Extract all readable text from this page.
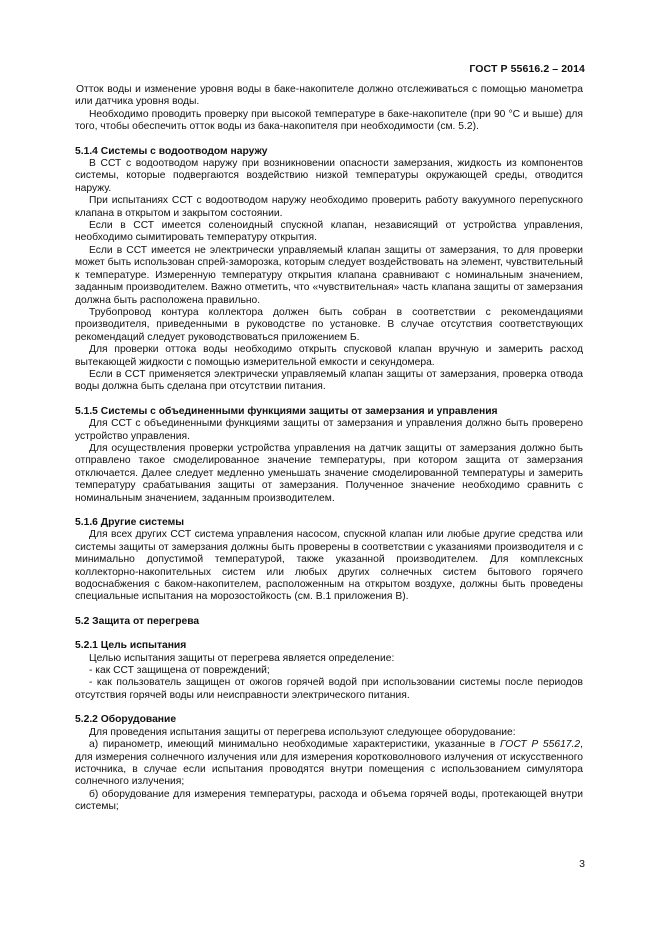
ГОСТ Р 55616.2 – 2014

Отток воды и изменение уровня воды в баке-накопителе должно отслеживаться с помощью манометра или датчика уровня воды.

Необходимо проводить проверку при высокой температуре в баке-накопителе (при 90 °С и выше) для того, чтобы обеспечить отток воды из бака-накопителя при необходимости (см. 5.2).

5.1.4 Системы с водоотводом наружу

В ССТ с водоотводом наружу при возникновении опасности замерзания, жидкость из компонентов системы, которые подвергаются воздействию низкой температуры окружающей среды, отводится наружу.

При испытаниях ССТ с водоотводом наружу необходимо проверить работу вакуумного перепускного клапана в открытом и закрытом состоянии.

Если в ССТ имеется соленоидный спускной клапан, независящий от устройства управления, необходимо сымитировать температуру открытия.

Если в ССТ имеется не электрически управляемый клапан защиты от замерзания, то для проверки может быть использован спрей-заморозка, которым следует воздействовать на элемент, чувствительный к температуре. Измеренную температуру открытия клапана сравнивают с номинальным значением, заданным производителем. Важно отметить, что «чувствительная» часть клапана защиты от замерзания должна быть расположена правильно.

Трубопровод контура коллектора должен быть собран в соответствии с рекомендациями производителя, приведенными в руководстве по установке. В случае отсутствия соответствующих рекомендаций следует руководствоваться приложением Б.

Для проверки оттока воды необходимо открыть спусковой клапан вручную и замерить расход вытекающей жидкости с помощью измерительной емкости и секундомера.

Если в ССТ применяется электрически управляемый клапан защиты от замерзания, проверка отвода воды должна быть сделана при отсутствии питания.

5.1.5 Системы с объединенными функциями защиты от замерзания и управления

Для ССТ с объединенными функциями защиты от замерзания и управления должно быть проверено устройство управления.

Для осуществления проверки устройства управления на датчик защиты от замерзания должно быть отправлено такое смоделированное значение температуры, при котором защита от замерзания отключается. Далее следует медленно уменьшать значение смоделированной температуры и замерить температуру срабатывания защиты от замерзания. Полученное значение необходимо сравнить с номинальным значением, заданным производителем.

5.1.6 Другие системы

Для всех других ССТ система управления насосом, спускной клапан или любые другие средства или системы защиты от замерзания должны быть проверены в соответствии с указаниями производителя и с минимально допустимой температурой, также указанной производителем. Для комплексных коллекторно-накопительных систем или любых других солнечных систем бытового горячего водоснабжения с баком-накопителем, расположенным на открытом воздухе, должны быть проведены специальные испытания на морозостойкость (см. В.1 приложения В).

5.2 Защита от перегрева

5.2.1 Цель испытания

Целью испытания защиты от перегрева является определение:

- как ССТ защищена от повреждений;

- как пользователь защищен от ожогов горячей водой при использовании системы после периодов отсутствия горячей воды или неисправности электрического питания.

5.2.2 Оборудование

Для проведения испытания защиты от перегрева используют следующее оборудование:

а) пиранометр, имеющий минимально необходимые характеристики, указанные в ГОСТ Р 55617.2, для измерения солнечного излучения или для измерения коротковолнового излучения от искусственного источника, в случае если испытания проводятся внутри помещения с использованием симулятора солнечного излучения;

б) оборудование для измерения температуры, расхода и объема горячей воды, протекающей внутри системы;

3
